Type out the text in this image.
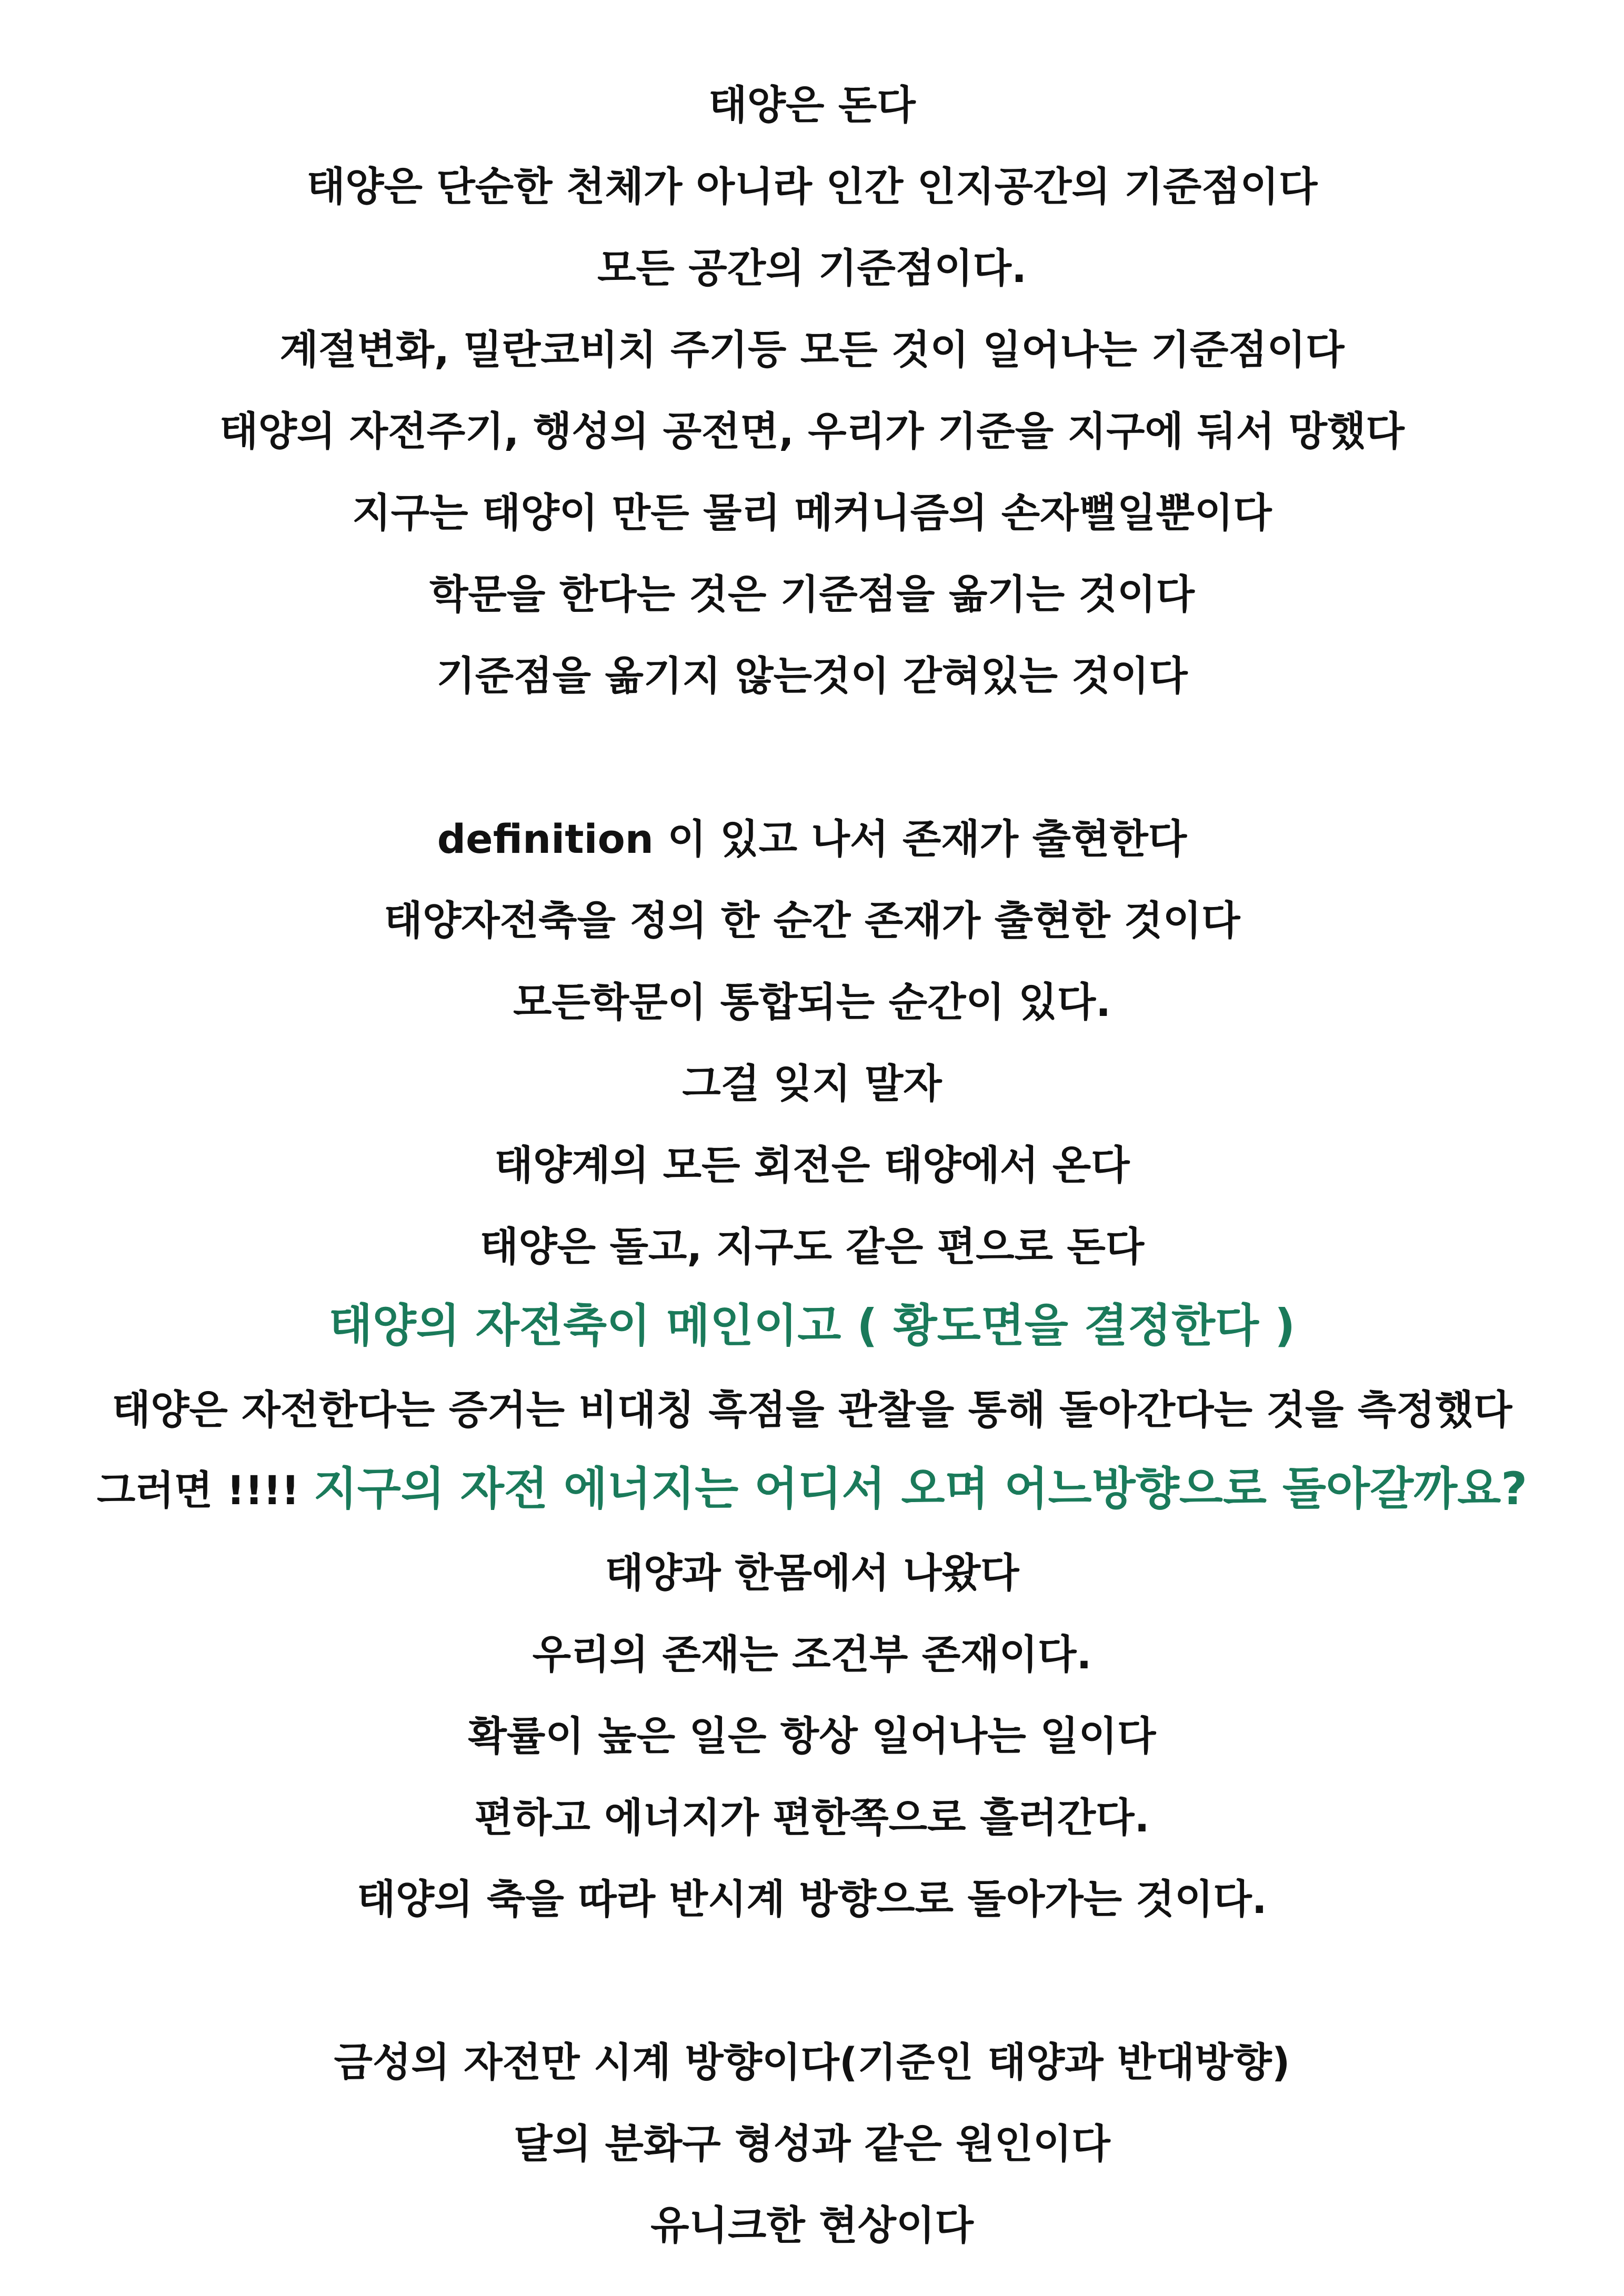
태양은 돈다
태양은 단순한 천체가 아니라 인간 인지공간의 기준점이다
모든 공간의 기준점이다.
계절변화, 밀란코비치 주기등 모든 것이 일어나는 기준점이다
태양의 자전주기, 행성의 공전면, 우리가 기준을 지구에 둬서 망했다
지구는 태양이 만든 물리 메커니즘의 손자뻘일뿐이다
학문을 한다는 것은 기준점을 옮기는 것이다
기준점을 옮기지 않는것이 갇혀있는 것이다
definition 이 있고 나서 존재가 출현한다
태양자전축을 정의 한 순간 존재가 출현한 것이다
모든학문이 통합되는 순간이 있다.
그걸 잊지 말자
태양계의 모든 회전은 태양에서 온다
태양은 돌고, 지구도 같은 편으로 돈다
태양의 자전축이 메인이고 ( 황도면을 결정한다 )
태양은 자전한다는 증거는 비대칭 흑점을 관찰을 통해 돌아간다는 것을 측정했다
그러면 !!!! 지구의 자전 에너지는 어디서 오며 어느방향으로 돌아갈까요?
태양과 한몸에서 나왔다
우리의 존재는 조건부 존재이다.
확률이 높은 일은 항상 일어나는 일이다
편하고 에너지가 편한쪽으로 흘러간다.
태양의 축을 따라 반시계 방향으로 돌아가는 것이다.
금성의 자전만 시계 방향이다(기준인 태양과 반대방향)
달의 분화구 형성과 같은 원인이다
유니크한 현상이다
